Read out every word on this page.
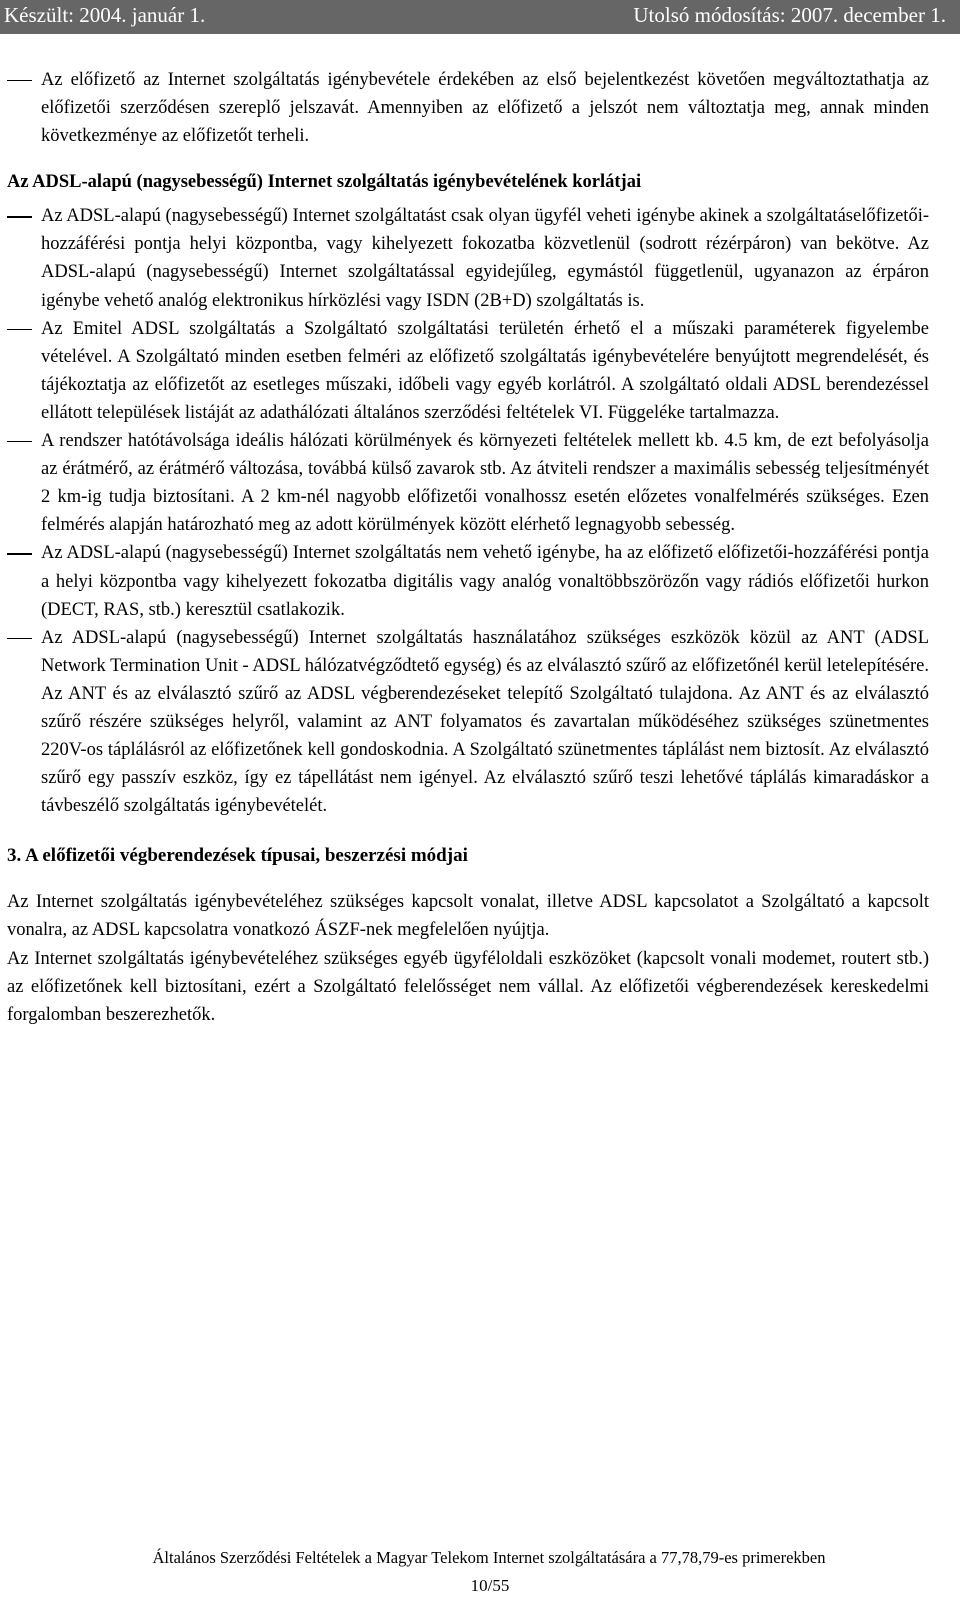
Készült: 2004. január 1.	Utolsó módosítás: 2007. december 1.
Az előfizető az Internet szolgáltatás igénybevétele érdekében az első bejelentkezést követően megváltoztathatja az előfizetői szerződésen szereplő jelszavát. Amennyiben az előfizető a jelszót nem változtatja meg, annak minden következménye az előfizetőt terheli.
Az ADSL-alapú (nagysebességű) Internet szolgáltatás igénybevételének korlátjai
Az ADSL-alapú (nagysebességű) Internet szolgáltatást csak olyan ügyfél veheti igénybe akinek a szolgáltatáselőfizetői-hozzáférési pontja helyi központba, vagy kihelyezett fokozatba közvetlenül (sodrott rézérpáron) van bekötve. Az ADSL-alapú (nagysebességű) Internet szolgáltatással egyidejűleg, egymástól függetlenül, ugyanazon az érpáron igénybe vehető analóg elektronikus hírközlési vagy ISDN (2B+D) szolgáltatás is.
Az Emitel ADSL szolgáltatás a Szolgáltató szolgáltatási területén érhető el a műszaki paraméterek figyelembe vételével. A Szolgáltató minden esetben felméri az előfizető szolgáltatás igénybevételére benyújtott megrendelését, és tájékoztatja az előfizetőt az esetleges műszaki, időbeli vagy egyéb korlátról. A szolgáltató oldali ADSL berendezéssel ellátott települések listáját az adathálózati általános szerződési feltételek VI. Függeléke tartalmazza.
A rendszer hatótávolsága ideális hálózati körülmények és környezeti feltételek mellett kb. 4.5 km, de ezt befolyásolja az érátmérő, az érátmérő változása, továbbá külső zavarok stb. Az átviteli rendszer a maximális sebesség teljesítményét 2 km-ig tudja biztosítani. A 2 km-nél nagyobb előfizetői vonalhossz esetén előzetes vonalfelmérés szükséges. Ezen felmérés alapján határozható meg az adott körülmények között elérhető legnagyobb sebesség.
Az ADSL-alapú (nagysebességű) Internet szolgáltatás nem vehető igénybe, ha az előfizető előfizetői-hozzáférési pontja a helyi központba vagy kihelyezett fokozatba digitális vagy analóg vonaltöbbszörözőn vagy rádiós előfizetői hurkon (DECT, RAS, stb.) keresztül csatlakozik.
Az ADSL-alapú (nagysebességű) Internet szolgáltatás használatához szükséges eszközök közül az ANT (ADSL Network Termination Unit - ADSL hálózatvégződtető egység) és az elválasztó szűrő az előfizetőnél kerül letelepítésére. Az ANT és az elválasztó szűrő az ADSL végberendezéseket telepítő Szolgáltató tulajdona. Az ANT és az elválasztó szűrő részére szükséges helyről, valamint az ANT folyamatos és zavartalan működéséhez szükséges szünetmentes 220V-os táplálásról az előfizetőnek kell gondoskodnia. A Szolgáltató szünetmentes táplálást nem biztosít. Az elválasztó szűrő egy passzív eszköz, így ez tápellátást nem igényel. Az elválasztó szűrő teszi lehetővé táplálás kimaradáskor a távbeszélő szolgáltatás igénybevételét.
3. A előfizetői végberendezések típusai, beszerzési módjai
Az Internet szolgáltatás igénybevételéhez szükséges kapcsolt vonalat, illetve ADSL kapcsolatot a Szolgáltató a kapcsolt vonalra, az ADSL kapcsolatra vonatkozó ÁSZF-nek megfelelően nyújtja.
Az Internet szolgáltatás igénybevételéhez szükséges egyéb ügyféloldali eszközöket (kapcsolt vonali modemet, routert stb.) az előfizetőnek kell biztosítani, ezért a Szolgáltató felelősséget nem vállal. Az előfizetői végberendezések kereskedelmi forgalomban beszerezhetők.
Általános Szerződési Feltételek a Magyar Telekom Internet szolgáltatására a 77,78,79-es primerekben
10/55
